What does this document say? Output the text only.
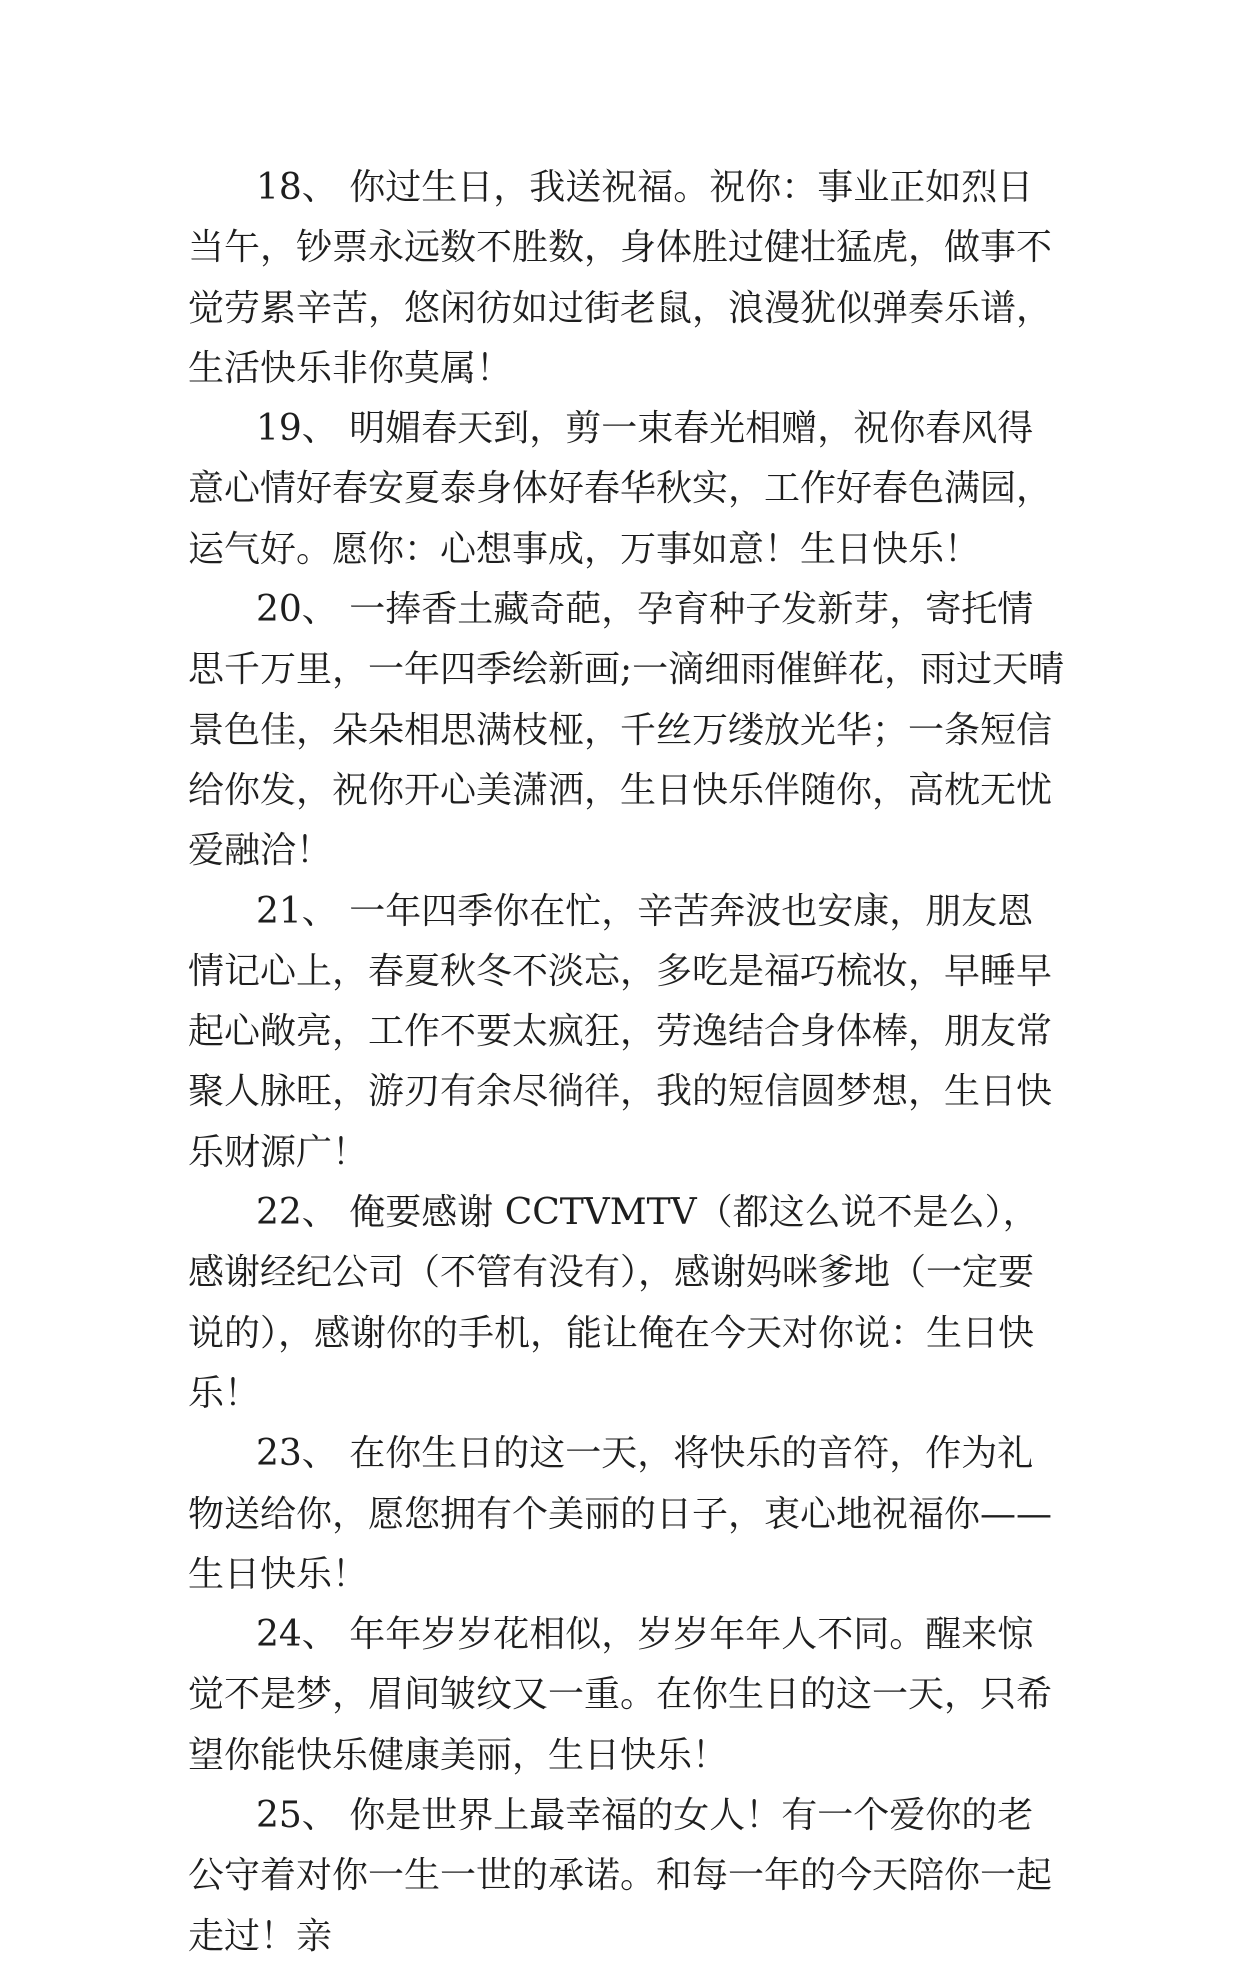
18、 你过生日，我送祝福。祝你：事业正如烈日当午，钞票永远数不胜数，身体胜过健壮猛虎，做事不觉劳累辛苦，悠闲彷如过街老鼠，浪漫犹似弹奏乐谱，生活快乐非你莫属！

19、 明媚春天到，剪一束春光相赠，祝你春风得意心情好春安夏泰身体好春华秋实，工作好春色满园，运气好。愿你：心想事成，万事如意！生日快乐！

20、 一捧香土藏奇葩，孕育种子发新芽，寄托情思千万里，一年四季绘新画;一滴细雨催鲜花，雨过天晴景色佳，朵朵相思满枝桠，千丝万缕放光华；一条短信给你发，祝你开心美潇洒，生日快乐伴随你，高枕无忧爱融洽！

21、 一年四季你在忙，辛苦奔波也安康，朋友恩情记心上，春夏秋冬不淡忘，多吃是福巧梳妆，早睡早起心敞亮，工作不要太疯狂，劳逸结合身体棒，朋友常聚人脉旺，游刃有余尽徜徉，我的短信圆梦想，生日快乐财源广！

22、 俺要感谢 CCTVMTV（都这么说不是么），感谢经纪公司（不管有没有），感谢妈咪爹地（一定要说的），感谢你的手机，能让俺在今天对你说：生日快乐！

23、 在你生日的这一天，将快乐的音符，作为礼物送给你，愿您拥有个美丽的日子，衷心地祝福你——生日快乐！

24、 年年岁岁花相似，岁岁年年人不同。醒来惊觉不是梦，眉间皱纹又一重。在你生日的这一天，只希望你能快乐健康美丽，生日快乐！

25、 你是世界上最幸福的女人！有一个爱你的老公守着对你一生一世的承诺。和每一年的今天陪你一起走过！亲
